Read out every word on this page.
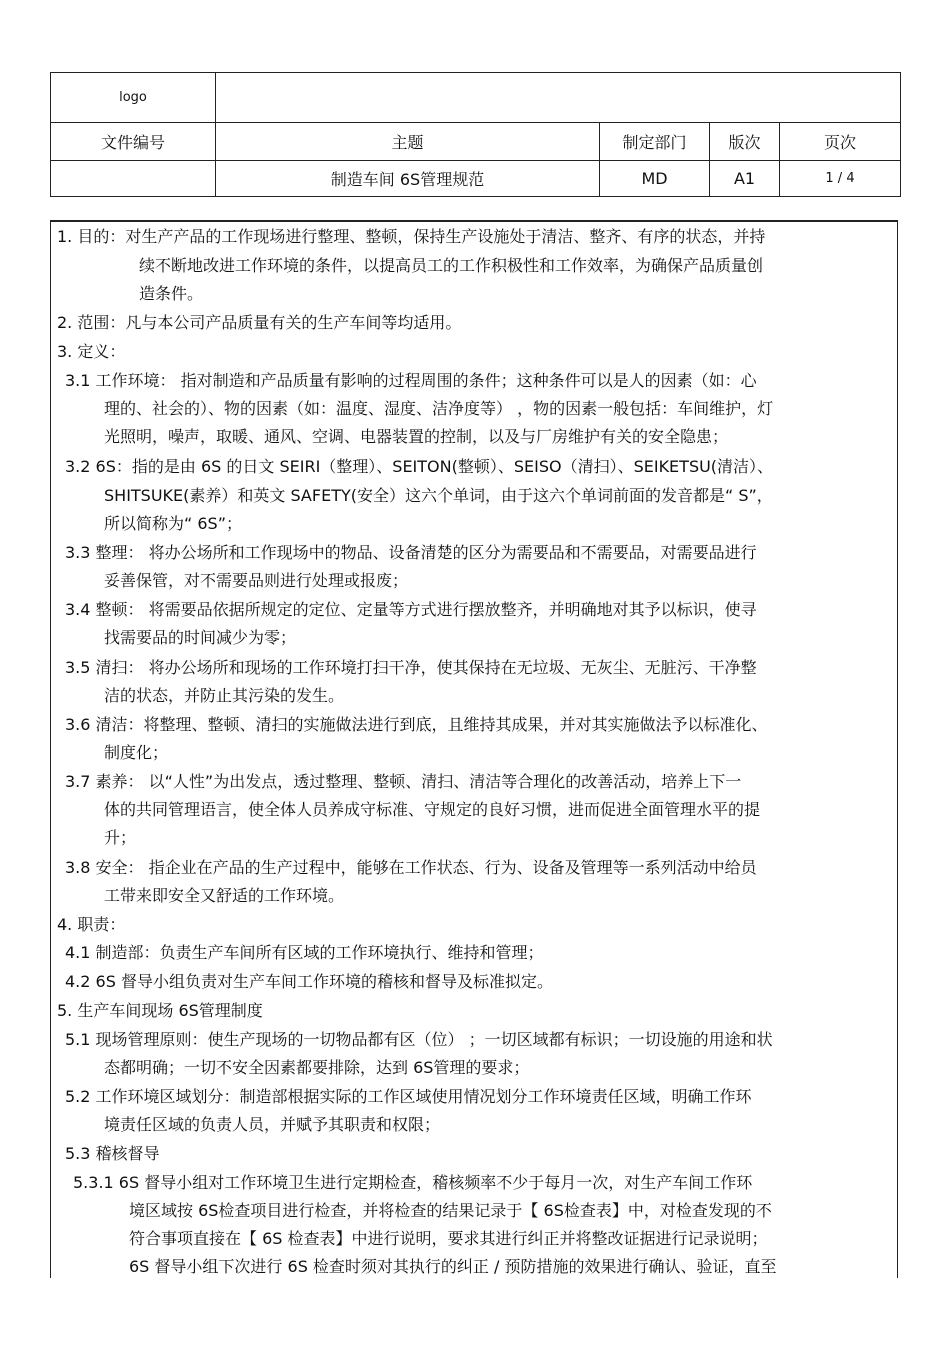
logo				
文件编号	主题	制定部门	版次	页次
	制造车间 6S管理规范	MD	A1	1 / 4
1. 目的：对生产产品的工作现场进行整理、整顿，保持生产设施处于清洁、整齐、有序的状态，并持
续不断地改进工作环境的条件，以提高员工的工作积极性和工作效率，为确保产品质量创
造条件。
2. 范围：凡与本公司产品质量有关的生产车间等均适用。
3. 定义：
3.1 工作环境： 指对制造和产品质量有影响的过程周围的条件；这种条件可以是人的因素（如：心
理的、社会的）、物的因素（如：温度、湿度、洁净度等） ，物的因素一般包括：车间维护，灯
光照明，噪声，取暖、通风、空调、电器装置的控制，以及与厂房维护有关的安全隐患；
3.2 6S：指的是由 6S 的日文 SEIRI（整理）、SEITON(整顿）、SEISO（清扫）、SEIKETSU(清洁）、
SHITSUKE(素养）和英文 SAFETY(安全）这六个单词，由于这六个单词前面的发音都是“ S”，
所以简称为“ 6S”；
3.3 整理： 将办公场所和工作现场中的物品、设备清楚的区分为需要品和不需要品，对需要品进行
妥善保管，对不需要品则进行处理或报废；
3.4 整顿： 将需要品依据所规定的定位、定量等方式进行摆放整齐，并明确地对其予以标识，使寻
找需要品的时间减少为零；
3.5 清扫： 将办公场所和现场的工作环境打扫干净，使其保持在无垃圾、无灰尘、无脏污、干净整
洁的状态，并防止其污染的发生。
3.6 清洁：将整理、整顿、清扫的实施做法进行到底，且维持其成果，并对其实施做法予以标准化、
制度化；
3.7 素养： 以“人性”为出发点，透过整理、整顿、清扫、清洁等合理化的改善活动，培养上下一
体的共同管理语言，使全体人员养成守标准、守规定的良好习惯，进而促进全面管理水平的提
升；
3.8 安全： 指企业在产品的生产过程中，能够在工作状态、行为、设备及管理等一系列活动中给员
工带来即安全又舒适的工作环境。
4. 职责：
4.1 制造部：负责生产车间所有区域的工作环境执行、维持和管理；
4.2 6S 督导小组负责对生产车间工作环境的稽核和督导及标准拟定。
5. 生产车间现场 6S管理制度
5.1 现场管理原则：使生产现场的一切物品都有区（位） ；一切区域都有标识；一切设施的用途和状
态都明确；一切不安全因素都要排除，达到 6S管理的要求；
5.2 工作环境区域划分：制造部根据实际的工作区域使用情况划分工作环境责任区域，明确工作环
境责任区域的负责人员，并赋予其职责和权限；
5.3 稽核督导
5.3.1 6S 督导小组对工作环境卫生进行定期检查，稽核频率不少于每月一次，对生产车间工作环
境区域按 6S检查项目进行检查，并将检查的结果记录于【 6S检查表】中，对检查发现的不
符合事项直接在【 6S 检查表】中进行说明，要求其进行纠正并将整改证据进行记录说明；
6S 督导小组下次进行 6S 检查时须对其执行的纠正 / 预防措施的效果进行确认、验证，直至
